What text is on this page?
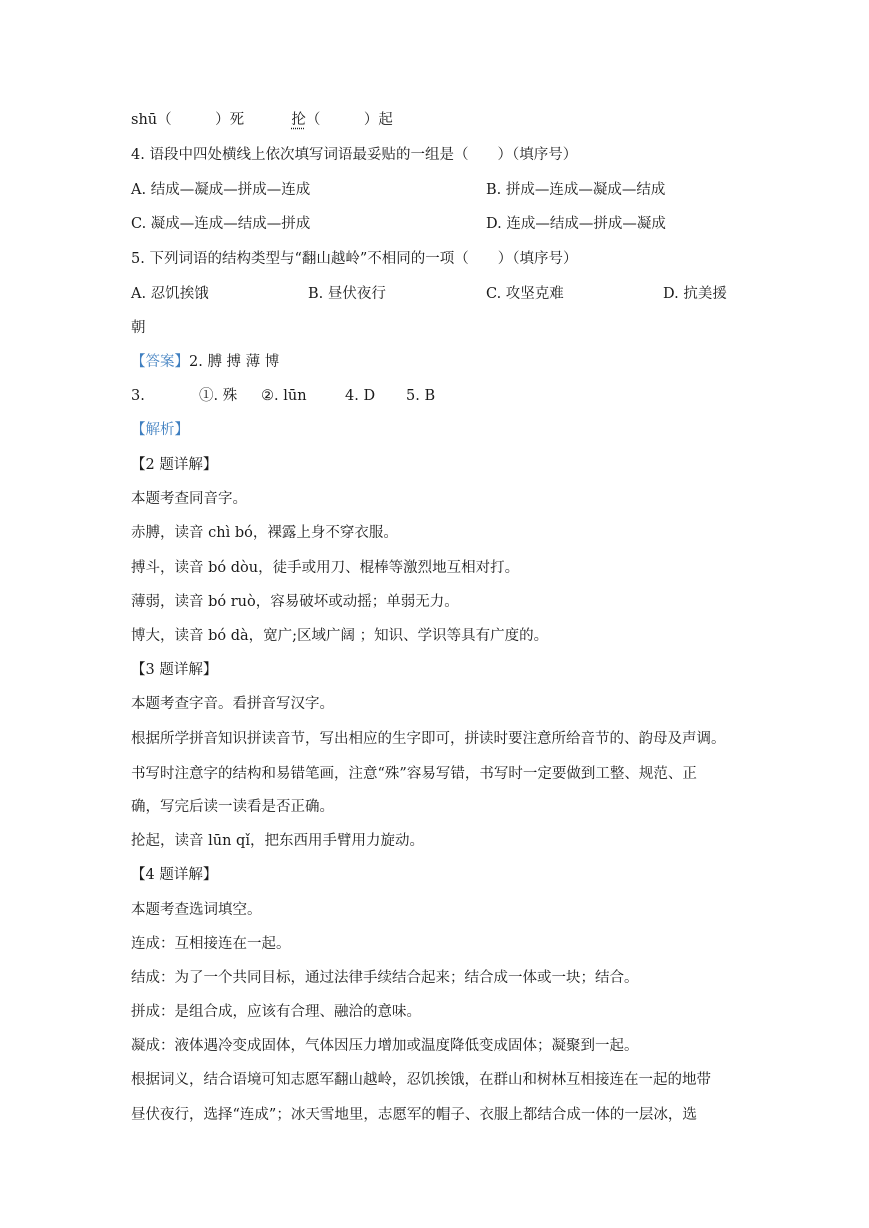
shū（　　　）死	抡（　　　）起
4. 语段中四处横线上依次填写词语最妥贴的一组是（　　）（填序号）
A. 结成—凝成—拼成—连成	B. 拼成—连成—凝成—结成
C. 凝成—连成—结成—拼成	D. 连成—结成—拼成—凝成
5. 下列词语的结构类型与“翻山越岭”不相同的一项（　　）（填序号）
A. 忍饥挨饿	B. 昼伏夜行	C. 攻坚克难	D. 抗美援
朝
【答案】2. 膊 搏 薄 博
3.	①. 殊 ②. lūn	4. D 5. B
【解析】
【2 题详解】
本题考查同音字。
赤膊，读音 chì bó，裸露上身不穿衣服。
搏斗，读音 bó dòu，徒手或用刀、棍棒等激烈地互相对打。
薄弱，读音 bó ruò，容易破坏或动摇；单弱无力。
博大，读音 bó dà，宽广;区域广阔 ；知识、学识等具有广度的。
【3 题详解】
本题考查字音。看拼音写汉字。
根据所学拼音知识拼读音节，写出相应的生字即可，拼读时要注意所给音节的、韵母及声调。
书写时注意字的结构和易错笔画，注意“殊”容易写错，书写时一定要做到工整、规范、正
确，写完后读一读看是否正确。
抡起，读音 lūn qǐ，把东西用手臂用力旋动。
【4 题详解】
本题考查选词填空。
连成：互相接连在一起。
结成：为了一个共同目标，通过法律手续结合起来；结合成一体或一块；结合。
拼成：是组合成，应该有合理、融洽的意味。
凝成：液体遇冷变成固体，气体因压力增加或温度降低变成固体；凝聚到一起。
根据词义，结合语境可知志愿军翻山越岭，忍饥挨饿，在群山和树林互相接连在一起的地带
昼伏夜行，选择“连成”；冰天雪地里，志愿军的帽子、衣服上都结合成一体的一层冰，选
